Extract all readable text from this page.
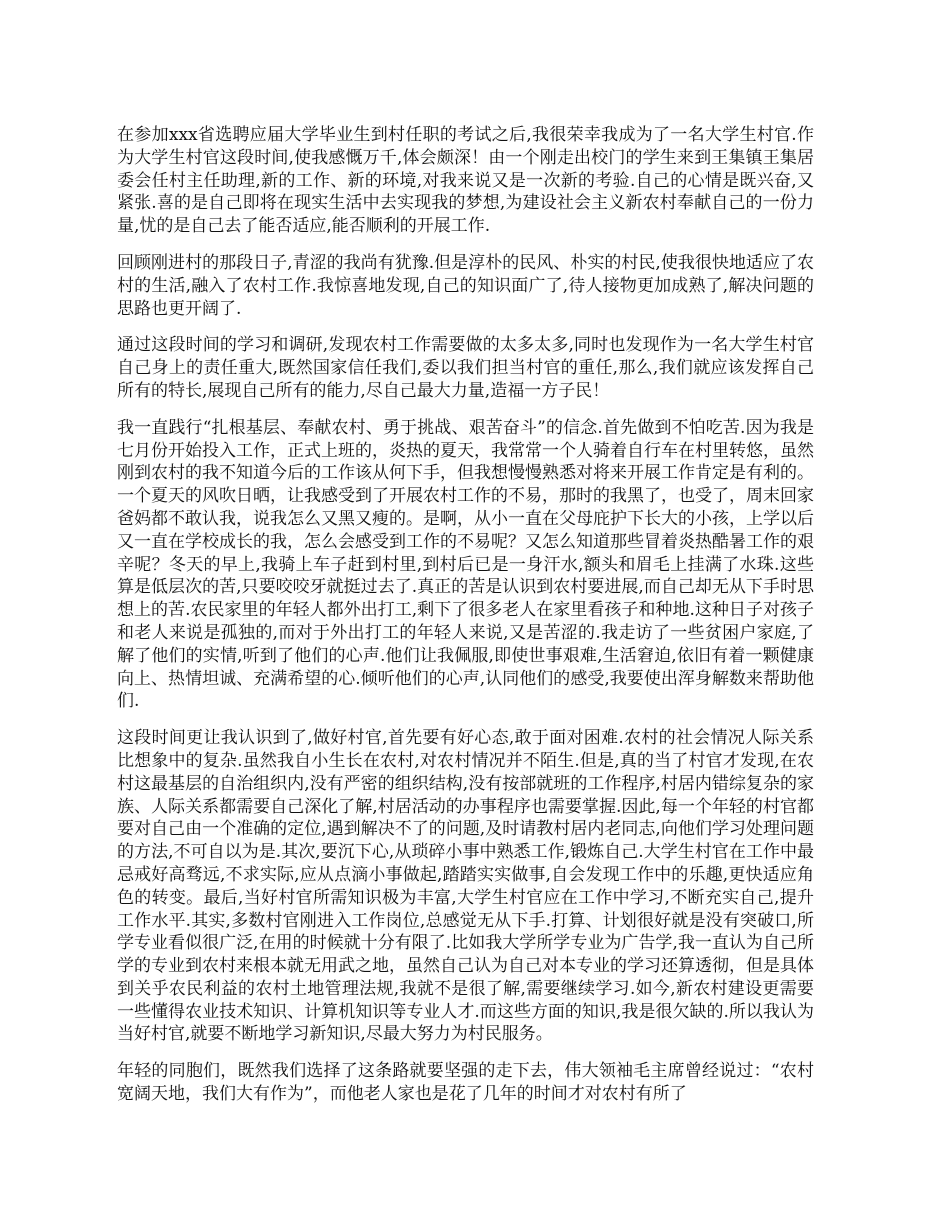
在参加xxx省选聘应届大学毕业生到村任职的考试之后,我很荣幸我成为了一名大学生村官.作为大学生村官这段时间,使我感慨万千,体会颇深！由一个刚走出校门的学生来到王集镇王集居委会任村主任助理,新的工作、新的环境,对我来说又是一次新的考验.自己的心情是既兴奋,又紧张.喜的是自己即将在现实生活中去实现我的梦想,为建设社会主义新农村奉献自己的一份力量,忧的是自己去了能否适应,能否顺利的开展工作.

回顾刚进村的那段日子,青涩的我尚有犹豫.但是淳朴的民风、朴实的村民,使我很快地适应了农村的生活,融入了农村工作.我惊喜地发现,自己的知识面广了,待人接物更加成熟了,解决问题的思路也更开阔了.

通过这段时间的学习和调研,发现农村工作需要做的太多太多,同时也发现作为一名大学生村官自己身上的责任重大,既然国家信任我们,委以我们担当村官的重任,那么,我们就应该发挥自己所有的特长,展现自己所有的能力,尽自己最大力量,造福一方子民！

我一直践行“扎根基层、奉献农村、勇于挑战、艰苦奋斗”的信念.首先做到不怕吃苦.因为我是七月份开始投入工作，正式上班的，炎热的夏天，我常常一个人骑着自行车在村里转悠，虽然刚到农村的我不知道今后的工作该从何下手，但我想慢慢熟悉对将来开展工作肯定是有利的。一个夏天的风吹日晒，让我感受到了开展农村工作的不易，那时的我黑了，也受了，周末回家爸妈都不敢认我，说我怎么又黑又瘦的。是啊，从小一直在父母庇护下长大的小孩，上学以后又一直在学校成长的我，怎么会感受到工作的不易呢？又怎么知道那些冒着炎热酷暑工作的艰辛呢？冬天的早上,我骑上车子赶到村里,到村后已是一身汗水,额头和眉毛上挂满了水珠.这些算是低层次的苦,只要咬咬牙就挺过去了.真正的苦是认识到农村要进展,而自己却无从下手时思想上的苦.农民家里的年轻人都外出打工,剩下了很多老人在家里看孩子和种地.这种日子对孩子和老人来说是孤独的,而对于外出打工的年轻人来说,又是苦涩的.我走访了一些贫困户家庭,了解了他们的实情,听到了他们的心声.他们让我佩服,即使世事艰难,生活窘迫,依旧有着一颗健康向上、热情坦诚、充满希望的心.倾听他们的心声,认同他们的感受,我要使出浑身解数来帮助他们.

这段时间更让我认识到了,做好村官,首先要有好心态,敢于面对困难.农村的社会情况人际关系比想象中的复杂.虽然我自小生长在农村,对农村情况并不陌生.但是,真的当了村官才发现,在农村这最基层的自治组织内,没有严密的组织结构,没有按部就班的工作程序,村居内错综复杂的家族、人际关系都需要自己深化了解,村居活动的办事程序也需要掌握.因此,每一个年轻的村官都要对自己由一个准确的定位,遇到解决不了的问题,及时请教村居内老同志,向他们学习处理问题的方法,不可自以为是.其次,要沉下心,从琐碎小事中熟悉工作,锻炼自己.大学生村官在工作中最忌戒好高骛远,不求实际,应从点滴小事做起,踏踏实实做事,自会发现工作中的乐趣,更快适应角色的转变。最后,当好村官所需知识极为丰富,大学生村官应在工作中学习,不断充实自己,提升工作水平.其实,多数村官刚进入工作岗位,总感觉无从下手.打算、计划很好就是没有突破口,所学专业看似很广泛,在用的时候就十分有限了.比如我大学所学专业为广告学,我一直认为自己所学的专业到农村来根本就无用武之地，虽然自己认为自己对本专业的学习还算透彻，但是具体到关乎农民利益的农村土地管理法规,我就不是很了解,需要继续学习.如今,新农村建设更需要一些懂得农业技术知识、计算机知识等专业人才.而这些方面的知识,我是很欠缺的.所以我认为当好村官,就要不断地学习新知识,尽最大努力为村民服务。

年轻的同胞们，既然我们选择了这条路就要坚强的走下去，伟大领袖毛主席曾经说过：“农村宽阔天地，我们大有作为”，而他老人家也是花了几年的时间才对农村有所了
